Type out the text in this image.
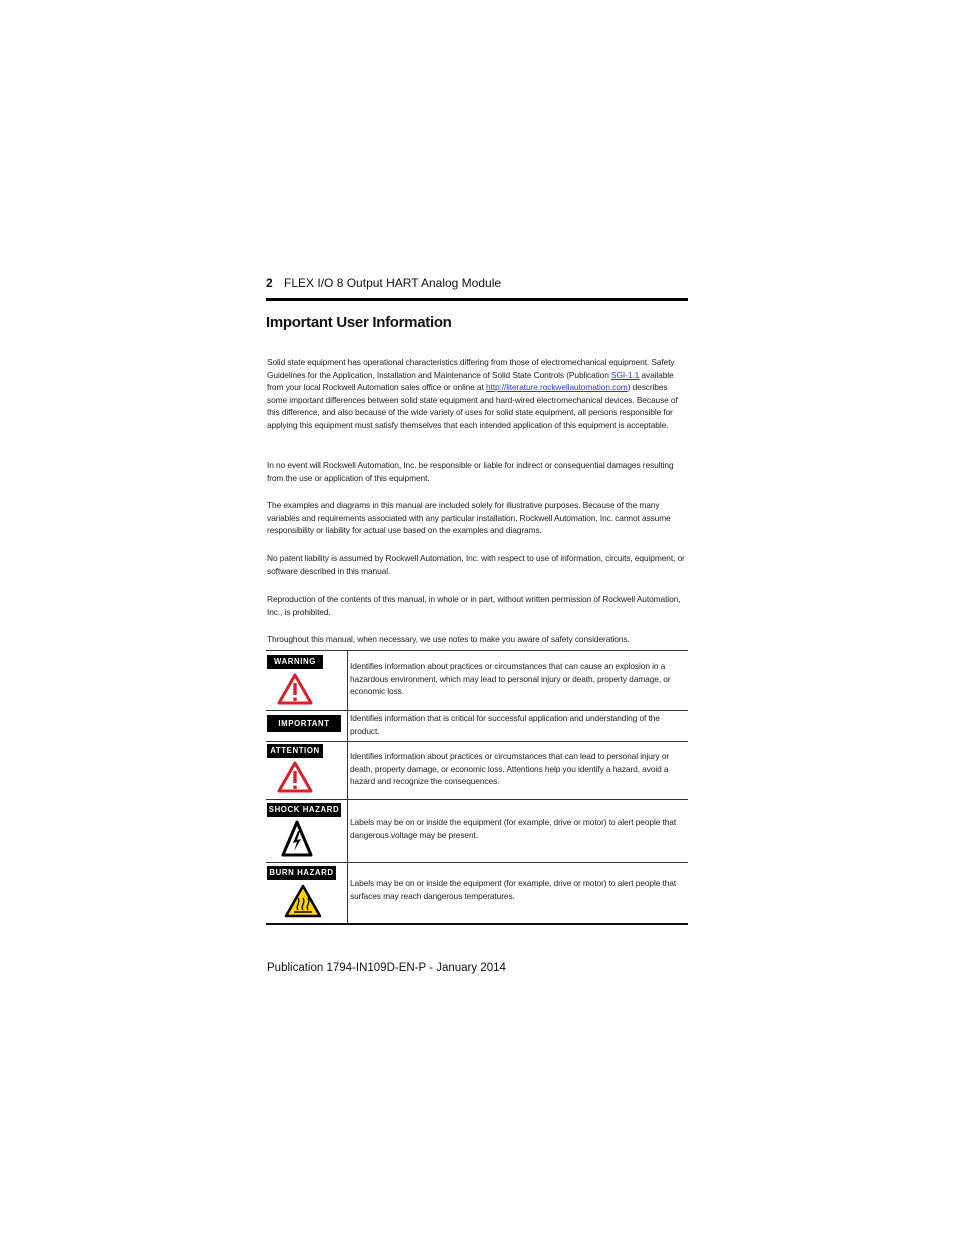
2 FLEX I/O 8 Output HART Analog Module
Important User Information
Solid state equipment has operational characteristics differing from those of electromechanical equipment. Safety Guidelines for the Application, Installation and Maintenance of Solid State Controls (Publication SGI-1.1 available from your local Rockwell Automation sales office or online at http://literature.rockwellautomation.com) describes some important differences between solid state equipment and hard-wired electromechanical devices. Because of this difference, and also because of the wide variety of uses for solid state equipment, all persons responsible for applying this equipment must satisfy themselves that each intended application of this equipment is acceptable.
In no event will Rockwell Automation, Inc. be responsible or liable for indirect or consequential damages resulting from the use or application of this equipment.
The examples and diagrams in this manual are included solely for illustrative purposes. Because of the many variables and requirements associated with any particular installation, Rockwell Automation, Inc. cannot assume responsibility or liability for actual use based on the examples and diagrams.
No patent liability is assumed by Rockwell Automation, Inc. with respect to use of information, circuits, equipment, or software described in this manual.
Reproduction of the contents of this manual, in whole or in part, without written permission of Rockwell Automation, Inc., is prohibited.
Throughout this manual, when necessary, we use notes to make you aware of safety considerations.
WARNING	Identifies information about practices or circumstances that can cause an explosion in a hazardous environment, which may lead to personal injury or death, property damage, or economic loss.
IMPORTANT
Identifies information that is critical for successful application and understanding of the product.
ATTENTION
Identifies information about practices or circumstances that can lead to personal injury or death, property damage, or economic loss. Attentions help you identify a hazard, avoid a hazard and recognize the consequences.
SHOCK HAZARD
Labels may be on or inside the equipment (for example, drive or motor) to alert people that dangerous voltage may be present.
BURN HAZARD
Labels may be on or inside the equipment (for example, drive or motor) to alert people that surfaces may reach dangerous temperatures.
Publication 1794-IN109D-EN-P - January 2014
